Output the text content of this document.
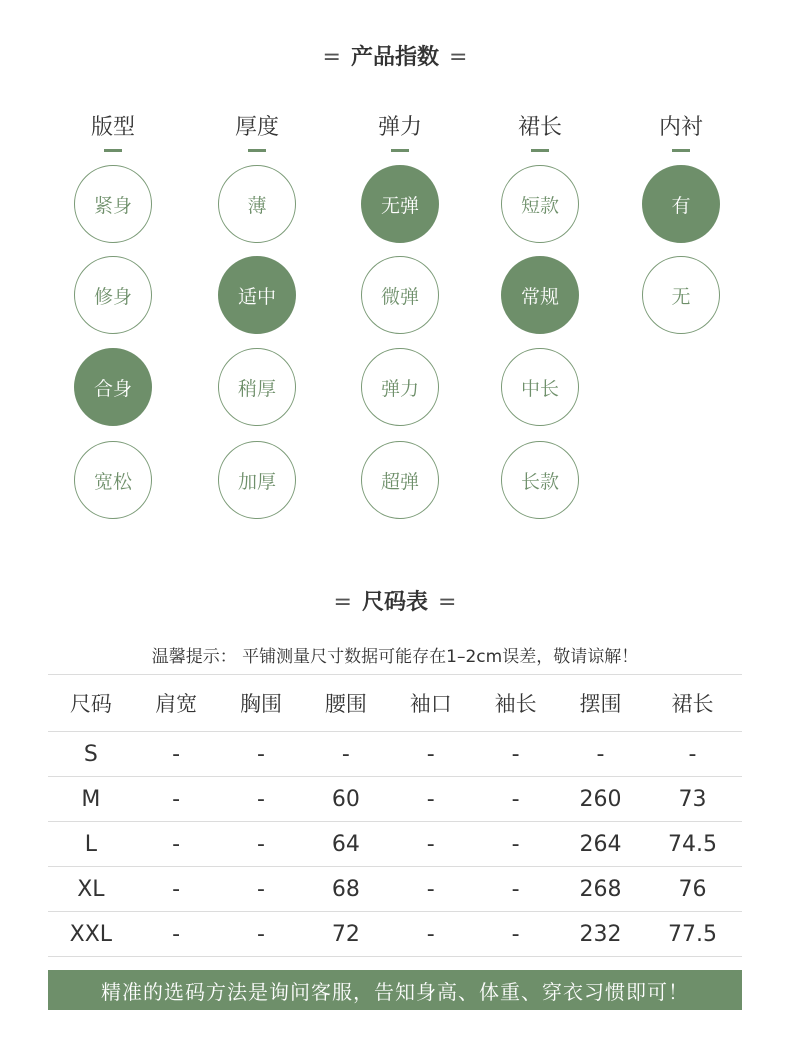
= 产品指数 =
版型
紧身
修身
合身
宽松
厚度
薄
适中
稍厚
加厚
弹力
无弹
微弹
弹力
超弹
裙长
短款
常规
中长
长款
内衬
有
无
= 尺码表 =
温馨提示： 平铺测量尺寸数据可能存在1–2cm误差，敬请谅解！
尺码	肩宽	胸围	腰围	袖口	袖长	摆围	裙长
S	-	-	-	-	-	-	-
M	-	-	60	-	-	260	73
L	-	-	64	-	-	264	74.5
XL	-	-	68	-	-	268	76
XXL	-	-	72	-	-	232	77.5
精准的选码方法是询问客服，告知身高、体重、穿衣习惯即可！
